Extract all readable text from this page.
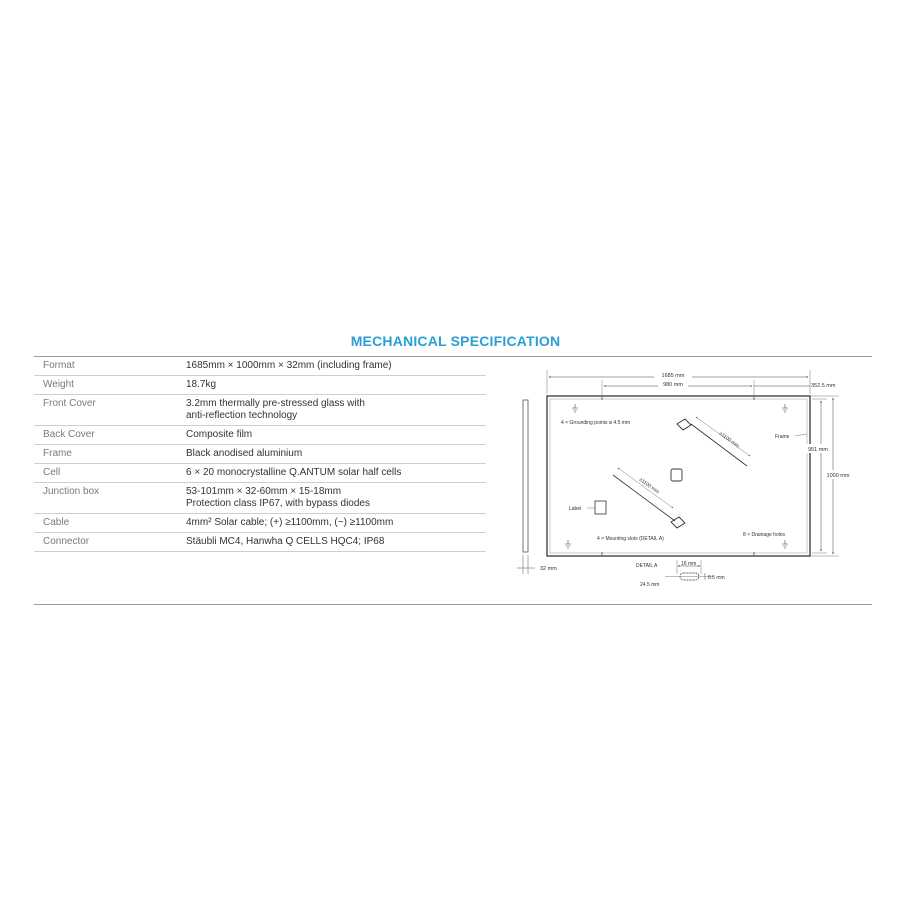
MECHANICAL SPECIFICATION
Format	1685mm × 1000mm × 32mm (including frame)

Weight	18.7kg

Front Cover	3.2mm thermally pre-stressed glass with
anti-reflection technology

Back Cover	Composite film

Frame	Black anodised aluminium

Cell	6 × 20 monocrystalline Q.ANTUM solar half cells

Junction box	53-101mm × 32-60mm × 15-18mm
Protection class IP67, with bypass diodes

Cable	4mm² Solar cable; (+) ≥1100mm, (−) ≥1100mm

Connector	Stäubli MC4, Hanwha Q CELLS HQC4; IP68
32 mm
1685 mm
980 mm	352.5 mm
951 mm
1000 mm
4 × Grounding points ø 4.5 mm
Frame
≥1100 mm
≥1100 mm
Label
4 × Mounting slots (DETAIL A)
8 × Drainage holes
DETAIL A	16 mm
8.5 mm
24.5 mm
